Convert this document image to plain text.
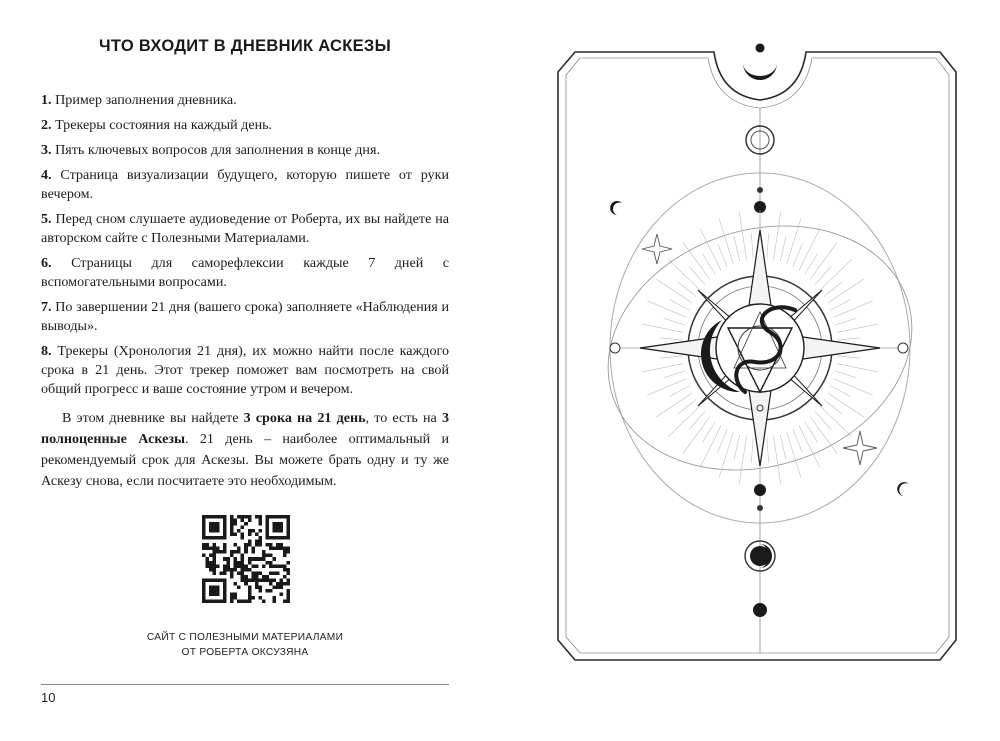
ЧТО ВХОДИТ В ДНЕВНИК АСКЕЗЫ
1. Пример заполнения дневника.
2. Трекеры состояния на каждый день.
3. Пять ключевых вопросов для заполнения в конце дня.
4. Страница визуализации будущего, которую пишете от руки вечером.
5. Перед сном слушаете аудиоведение от Роберта, их вы найдете на авторском сайте с Полезными Материалами.
6. Страницы для саморефлексии каждые 7 дней с вспомогательными вопросами.
7. По завершении 21 дня (вашего срока) заполняете «Наблюдения и выводы».
8. Трекеры (Хронология 21 дня), их можно найти после каждого срока в 21 день. Этот трекер поможет вам посмотреть на свой общий прогресс и ваше состояние утром и вечером.

В этом дневнике вы найдете 3 срока на 21 день, то есть на 3 полноценные Аскезы. 21 день – наиболее оптимальный и рекомендуемый срок для Аскезы. Вы можете брать одну и ту же Аскезу снова, если посчитаете это необходимым.

САЙТ С ПОЛЕЗНЫМИ МАТЕРИАЛАМИ
ОТ РОБЕРТА ОКСУЗЯНА
10
